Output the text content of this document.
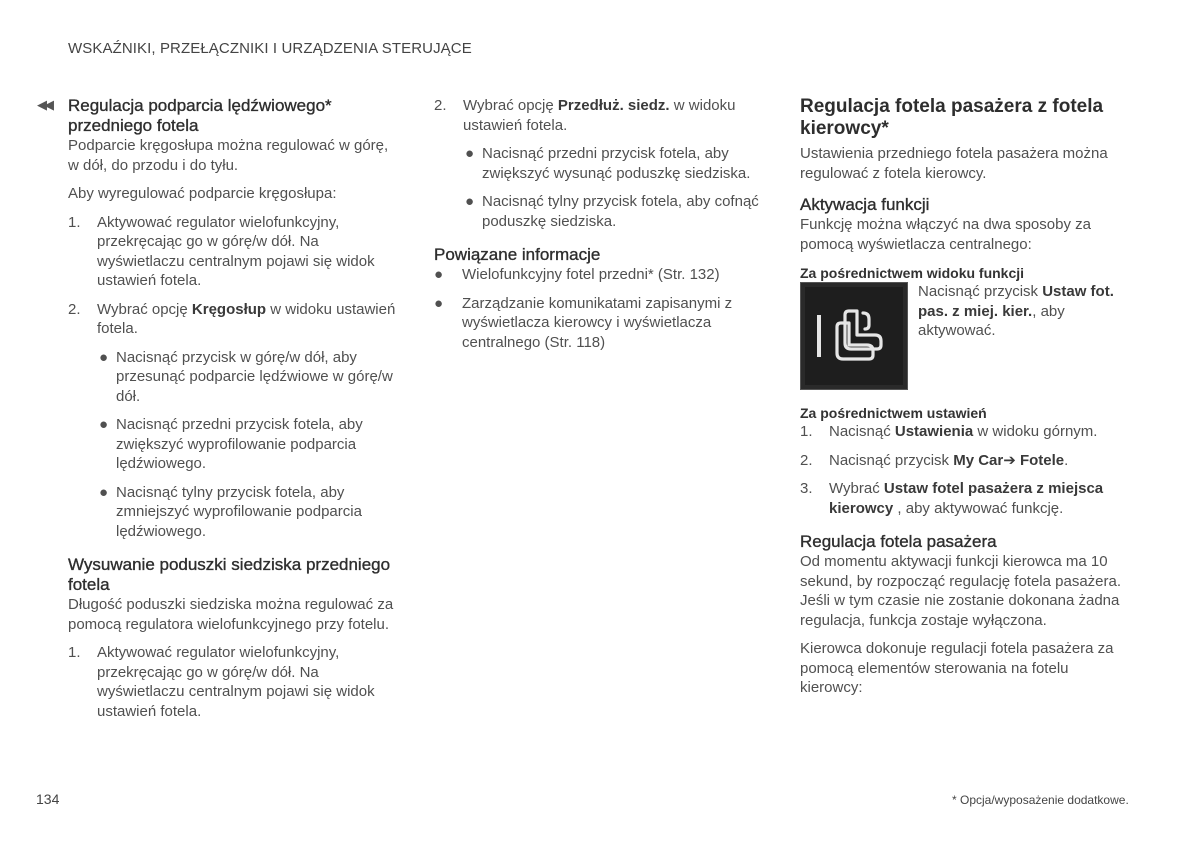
WSKAŹNIKI, PRZEŁĄCZNIKI I URZĄDZENIA STERUJĄCE
◀◀ Regulacja podparcia lędźwiowego* przedniego fotela

Podparcie kręgosłupa można regulować w górę, w dół, do przodu i do tyłu.

Aby wyregulować podparcie kręgosłupa:

1. Aktywować regulator wielofunkcyjny, przekręcając go w górę/w dół. Na wyświetlaczu centralnym pojawi się widok ustawień fotela.
2. Wybrać opcję Kręgosłup w widoku ustawień fotela.
● Nacisnąć przycisk w górę/w dół, aby przesunąć podparcie lędźwiowe w górę/w dół.
● Nacisnąć przedni przycisk fotela, aby zwiększyć wyprofilowanie podparcia lędźwiowego.
● Nacisnąć tylny przycisk fotela, aby zmniejszyć wyprofilowanie podparcia lędźwiowego.
Wysuwanie poduszki siedziska przedniego fotela

Długość poduszki siedziska można regulować za pomocą regulatora wielofunkcyjnego przy fotelu.

1. Aktywować regulator wielofunkcyjny, przekręcając go w górę/w dół. Na wyświetlaczu centralnym pojawi się widok ustawień fotela.
2. Wybrać opcję Przedłuż. siedz. w widoku ustawień fotela.
● Nacisnąć przedni przycisk fotela, aby zwiększyć wysunąć poduszkę siedziska.
● Nacisnąć tylny przycisk fotela, aby cofnąć poduszkę siedziska.
Powiązane informacje
● Wielofunkcyjny fotel przedni* (Str. 132)
● Zarządzanie komunikatami zapisanymi z wyświetlacza kierowcy i wyświetlacza centralnego (Str. 118)
Regulacja fotela pasażera z fotela kierowcy*

Ustawienia przedniego fotela pasażera można regulować z fotela kierowcy.

Aktywacja funkcji

Funkcję można włączyć na dwa sposoby za pomocą wyświetlacza centralnego:

Za pośrednictwem widoku funkcji
Nacisnąć przycisk Ustaw fot. pas. z miej. kier., aby aktywować.
Za pośrednictwem ustawień
1. Nacisnąć Ustawienia w widoku górnym.
2. Nacisnąć przycisk My Car➔ Fotele.
3. Wybrać Ustaw fotel pasażera z miejsca kierowcy , aby aktywować funkcję.
Regulacja fotela pasażera

Od momentu aktywacji funkcji kierowca ma 10 sekund, by rozpocząć regulację fotela pasażera. Jeśli w tym czasie nie zostanie dokonana żadna regulacja, funkcja zostaje wyłączona.

Kierowca dokonuje regulacji fotela pasażera za pomocą elementów sterowania na fotelu kierowcy:

134	* Opcja/wyposażenie dodatkowe.
